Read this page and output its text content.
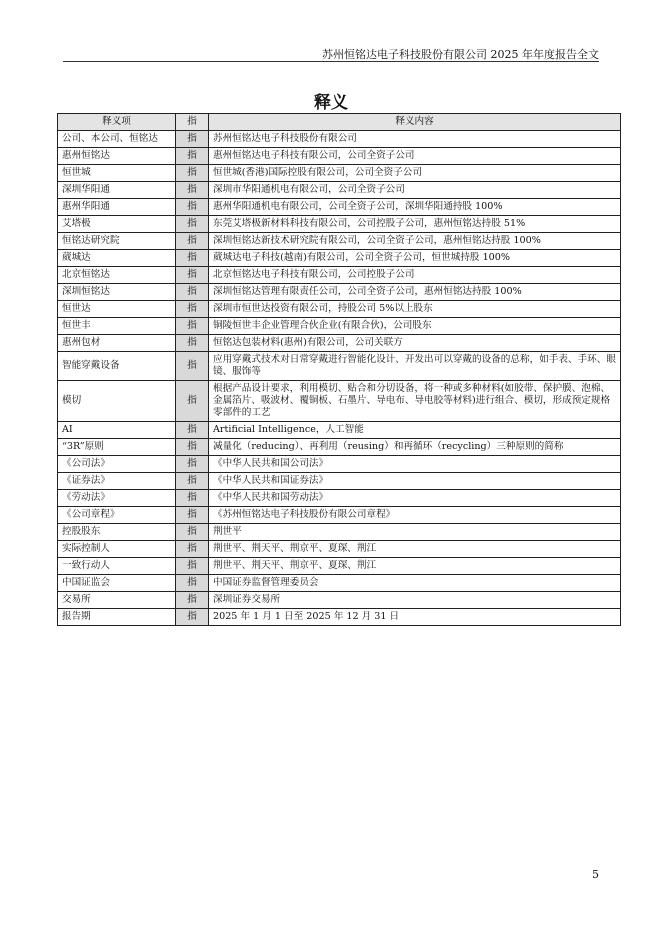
苏州恒铭达电子科技股份有限公司 2025 年年度报告全文
释义
释义项	指	释义内容
公司、本公司、恒铭达	指	苏州恒铭达电子科技股份有限公司
惠州恒铭达	指	惠州恒铭达电子科技有限公司，公司全资子公司
恒世城	指	恒世城(香港)国际控股有限公司，公司全资子公司
深圳华阳通	指	深圳市华阳通机电有限公司，公司全资子公司
惠州华阳通	指	惠州华阳通机电有限公司，公司全资子公司，深圳华阳通持股 100%
艾塔极	指	东莞艾塔极新材料科技有限公司，公司控股子公司，惠州恒铭达持股 51%
恒铭达研究院	指	深圳恒铭达新技术研究院有限公司，公司全资子公司，惠州恒铭达持股 100%
葳城达	指	葳城达电子科技(越南)有限公司，公司全资子公司，恒世城持股 100%
北京恒铭达	指	北京恒铭达电子科技有限公司，公司控股子公司
深圳恒铭达	指	深圳恒铭达管理有限责任公司，公司全资子公司，惠州恒铭达持股 100%
恒世达	指	深圳市恒世达投资有限公司，持股公司 5%以上股东
恒世丰	指	铜陵恒世丰企业管理合伙企业(有限合伙)，公司股东
惠州包材	指	恒铭达包装材料(惠州)有限公司，公司关联方
智能穿戴设备	指	应用穿戴式技术对日常穿戴进行智能化设计、开发出可以穿戴的设备的总称，如手表、手环、眼镜、服饰等
模切	指	根据产品设计要求，利用模切、贴合和分切设备，将一种或多种材料(如胶带、保护膜、泡棉、金属箔片、吸波材、覆铜板、石墨片、导电布、导电胶等材料)进行组合、模切，形成预定规格零部件的工艺
AI	指	Artificial Intelligence，人工智能
“3R”原则	指	减量化（reducing）、再利用（reusing）和再循环（recycling）三种原则的简称
《公司法》	指	《中华人民共和国公司法》
《证券法》	指	《中华人民共和国证券法》
《劳动法》	指	《中华人民共和国劳动法》
《公司章程》	指	《苏州恒铭达电子科技股份有限公司章程》
控股股东	指	荆世平
实际控制人	指	荆世平、荆天平、荆京平、夏琛、荆江
一致行动人	指	荆世平、荆天平、荆京平、夏琛、荆江
中国证监会	指	中国证券监督管理委员会
交易所	指	深圳证券交易所
报告期	指	2025 年 1 月 1 日至 2025 年 12 月 31 日
5
